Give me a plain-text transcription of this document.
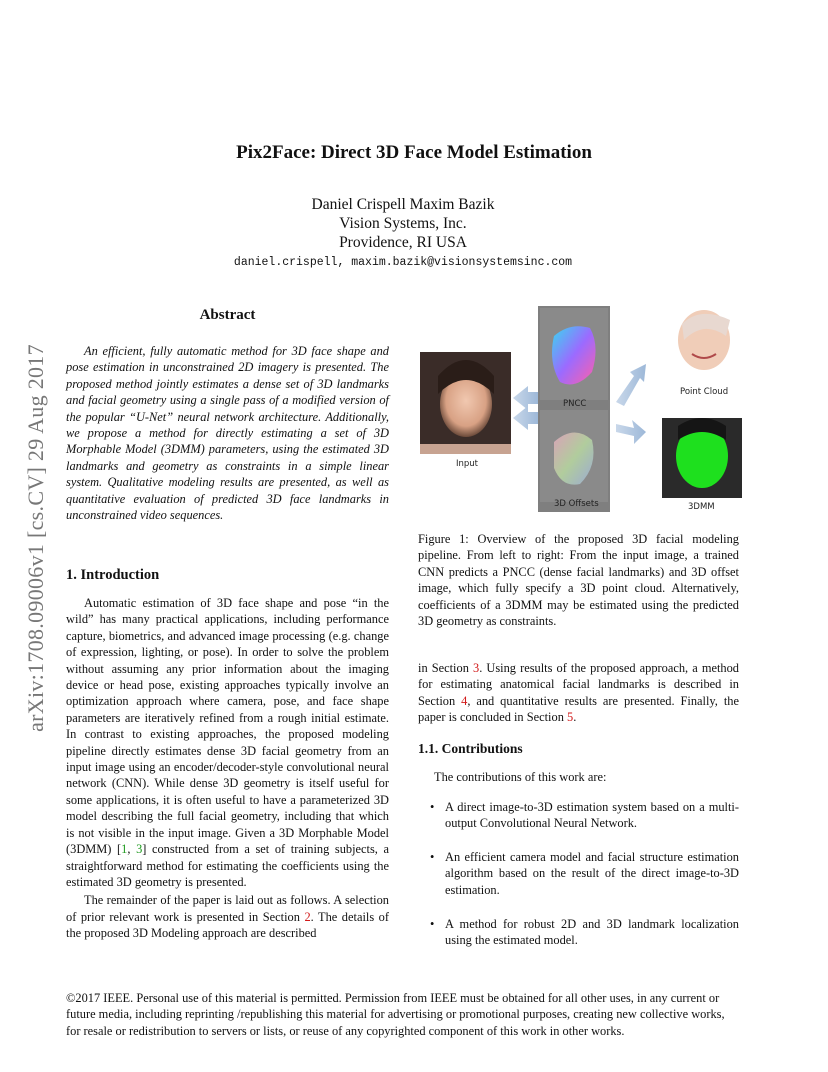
Pix2Face: Direct 3D Face Model Estimation
Daniel Crispell Maxim Bazik
Vision Systems, Inc.
Providence, RI USA
daniel.crispell, maxim.bazik@visionsystemsinc.com
arXiv:1708.09006v1 [cs.CV] 29 Aug 2017
Abstract

An efficient, fully automatic method for 3D face shape and pose estimation in unconstrained 2D imagery is presented. The proposed method jointly estimates a dense set of 3D landmarks and facial geometry using a single pass of a modified version of the popular “U-Net” neural network architecture. Additionally, we propose a method for directly estimating a set of 3D Morphable Model (3DMM) parameters, using the estimated 3D landmarks and geometry as constraints in a simple linear system. Qualitative modeling results are presented, as well as quantitative evaluation of predicted 3D face landmarks in unconstrained video sequences.

1. Introduction

Automatic estimation of 3D face shape and pose “in the wild” has many practical applications, including performance capture, biometrics, and advanced image processing (e.g. change of expression, lighting, or pose). In order to solve the problem without assuming any prior information about the imaging device or head pose, existing approaches typically involve an optimization approach where camera, pose, and face shape parameters are iteratively refined from a rough initial estimate. In contrast to existing approaches, the proposed modeling pipeline directly estimates dense 3D facial geometry from an input image using an encoder/decoder-style convolutional neural network (CNN). While dense 3D geometry is itself useful for some applications, it is often useful to have a parameterized 3D model describing the full facial geometry, including that which is not visible in the input image. Given a 3D Morphable Model (3DMM) [1, 3] constructed from a set of training subjects, a straightforward method for estimating the coefficients using the estimated 3D geometry is presented.

The remainder of the paper is laid out as follows. A selection of prior relevant work is presented in Section 2. The details of the proposed 3D Modeling approach are described

Input
PNCC
3D Offsets
Point Cloud
3DMM

Figure 1: Overview of the proposed 3D facial modeling pipeline. From left to right: From the input image, a trained CNN predicts a PNCC (dense facial landmarks) and 3D offset image, which fully specify a 3D point cloud. Alternatively, coefficients of a 3DMM may be estimated using the predicted 3D geometry as constraints.

in Section 3. Using results of the proposed approach, a method for estimating anatomical facial landmarks is described in Section 4, and quantitative results are presented. Finally, the paper is concluded in Section 5.

1.1. Contributions
The contributions of this work are:
• A direct image-to-3D estimation system based on a multi-output Convolutional Neural Network.
• An efficient camera model and facial structure estimation algorithm based on the result of the direct image-to-3D estimation.
• A method for robust 2D and 3D landmark localization using the estimated model.
©2017 IEEE. Personal use of this material is permitted. Permission from IEEE must be obtained for all other uses, in any current or future media, including reprinting /republishing this material for advertising or promotional purposes, creating new collective works, for resale or redistribution to servers or lists, or reuse of any copyrighted component of this work in other works.
